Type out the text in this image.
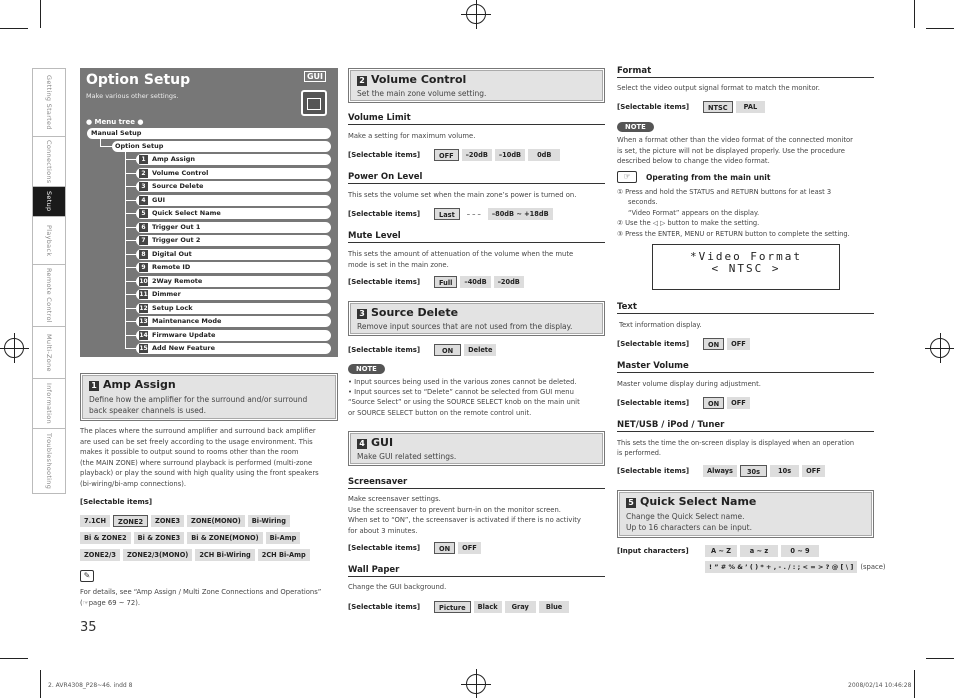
Getting Started
Connections
Setup
Playback
Remote Control
Multi-Zone
Information
Troubleshooting
35
2. AVR4308_P28~46. indd 8	2008/02/14 10:46:28
Option Setup
Make various other settings.
GUI
● Menu tree ●
Manual Setup
Option Setup
1 Amp Assign
2 Volume Control
3 Source Delete
4 GUI
5 Quick Select Name
6 Trigger Out 1
7 Trigger Out 2
8 Digital Out
9 Remote ID
10 2Way Remote
11 Dimmer
12 Setup Lock
13 Maintenance Mode
14 Firmware Update
15 Add New Feature
1 Amp Assign
Define how the amplifier for the surround and/or surround
back speaker channels is used.
The places where the surround amplifier and surround back amplifier
are used can be set freely according to the usage environment. This
makes it possible to output sound to rooms other than the room
(the MAIN ZONE) where surround playback is performed (multi-zone
playback) or play the sound with high quality using the front speakers
(bi-wiring/bi-amp connections).
[Selectable items]
7.1CH	ZONE2	ZONE3	ZONE(MONO)	Bi-Wiring
Bi & ZONE2	Bi & ZONE3	Bi & ZONE(MONO)	Bi-Amp
ZONE2/3	ZONE2/3(MONO)	2CH Bi-Wiring	2CH Bi-Amp
✎
For details, see “Amp Assign / Multi Zone Connections and Operations”
(☞page 69 ~ 72).
2 Volume Control
Set the main zone volume setting.
Volume Limit
Make a setting for maximum volume.
[Selectable items]	OFF	–20dB	–10dB	0dB
Power On Level
This sets the volume set when the main zone’s power is turned on.
[Selectable items]	Last	– – –	–80dB ~ +18dB
Mute Level
This sets the amount of attenuation of the volume when the mute
mode is set in the main zone.
[Selectable items]	Full	–40dB	–20dB
3 Source Delete
Remove input sources that are not used from the display.
[Selectable items]	ON	Delete
NOTE
• Input sources being used in the various zones cannot be deleted.
• Input sources set to “Delete” cannot be selected from GUI menu
“Source Select” or using the SOURCE SELECT knob on the main unit
or SOURCE SELECT button on the remote control unit.
4 GUI
Make GUI related settings.
Screensaver
Make screensaver settings.
Use the screensaver to prevent burn-in on the monitor screen.
When set to “ON”, the screensaver is activated if there is no activity
for about 3 minutes.
[Selectable items]	ON	OFF
Wall Paper
Change the GUI background.
[Selectable items]	Picture	Black	Gray	Blue
Format
Select the video output signal format to match the monitor.
[Selectable items]	NTSC	PAL
NOTE
When a format other than the video format of the connected monitor
is set, the picture will not be displayed properly. Use the procedure
described below to change the video format.
☞	Operating from the main unit
① Press and hold the STATUS and RETURN buttons for at least 3
seconds.
“Video Format” appears on the display.
② Use the ◁ ▷ button to make the setting.
③ Press the ENTER, MENU or RETURN button to complete the setting.
*Video Format
< NTSC >
Text
Text information display.
[Selectable items]	ON	OFF
Master Volume
Master volume display during adjustment.
[Selectable items]	ON	OFF
NET/USB / iPod / Tuner
This sets the time the on-screen display is displayed when an operation
is performed.
[Selectable items]	Always	30s	10s	OFF
5 Quick Select Name
Change the Quick Select name.
Up to 16 characters can be input.
[Input characters]	A ~ Z	a ~ z	0 ~ 9
! ” # % & ’ ( ) * + , - . / : ; < = > ? @ [ \ ]	(space)
